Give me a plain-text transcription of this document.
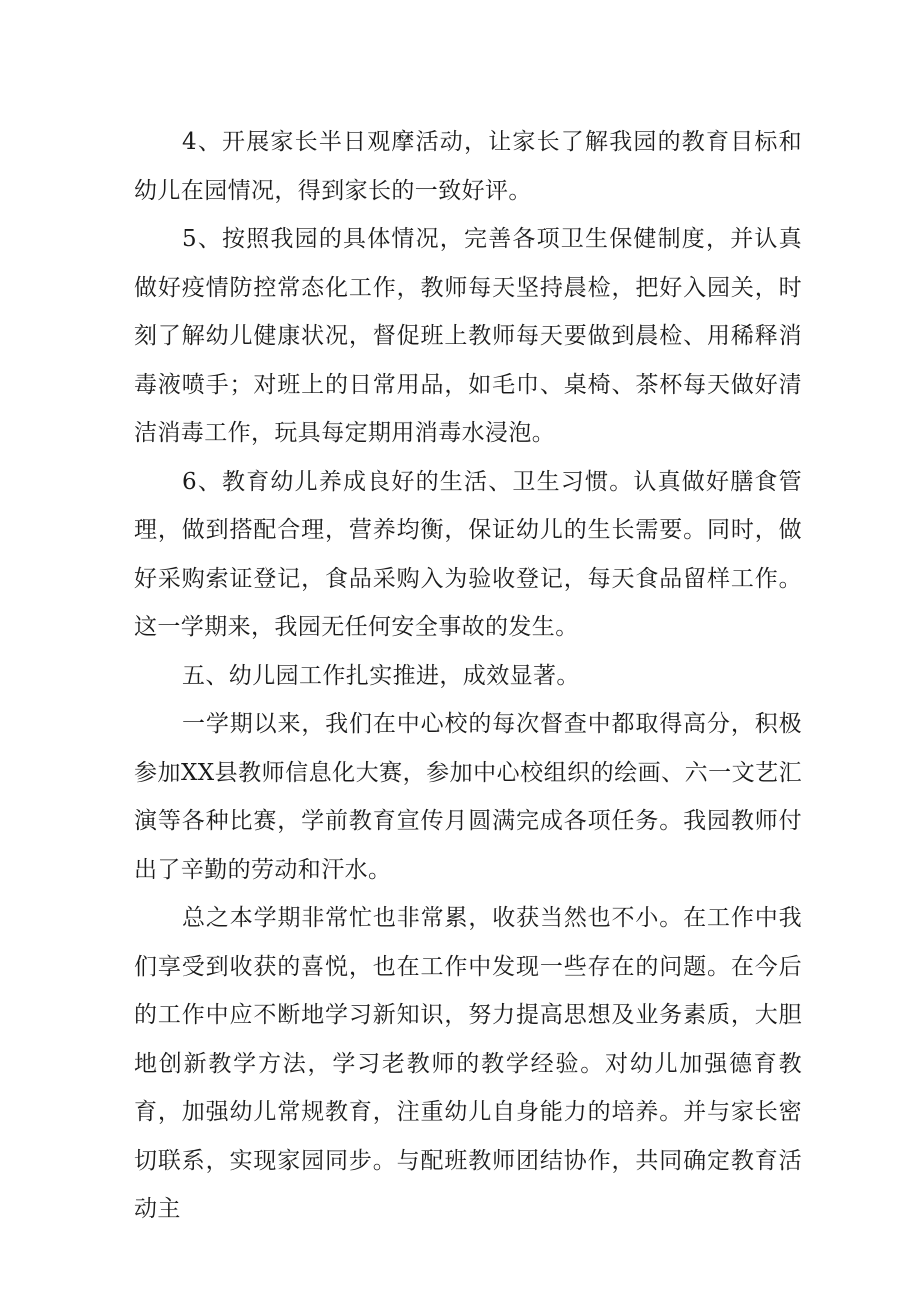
4、开展家长半日观摩活动，让家长了解我园的教育目标和幼儿在园情况，得到家长的一致好评。

5、按照我园的具体情况，完善各项卫生保健制度，并认真做好疫情防控常态化工作，教师每天坚持晨检，把好入园关，时刻了解幼儿健康状况，督促班上教师每天要做到晨检、用稀释消毒液喷手；对班上的日常用品，如毛巾、桌椅、茶杯每天做好清洁消毒工作，玩具每定期用消毒水浸泡。

6、教育幼儿养成良好的生活、卫生习惯。认真做好膳食管理，做到搭配合理，营养均衡，保证幼儿的生长需要。同时，做好采购索证登记，食品采购入为验收登记，每天食品留样工作。这一学期来，我园无任何安全事故的发生。

五、幼儿园工作扎实推进，成效显著。

一学期以来，我们在中心校的每次督查中都取得高分，积极参加XX县教师信息化大赛，参加中心校组织的绘画、六一文艺汇演等各种比赛，学前教育宣传月圆满完成各项任务。我园教师付出了辛勤的劳动和汗水。

总之本学期非常忙也非常累，收获当然也不小。在工作中我们享受到收获的喜悦，也在工作中发现一些存在的问题。在今后的工作中应不断地学习新知识，努力提高思想及业务素质，大胆地创新教学方法，学习老教师的教学经验。对幼儿加强德育教育，加强幼儿常规教育，注重幼儿自身能力的培养。并与家长密切联系，实现家园同步。与配班教师团结协作，共同确定教育活动主
